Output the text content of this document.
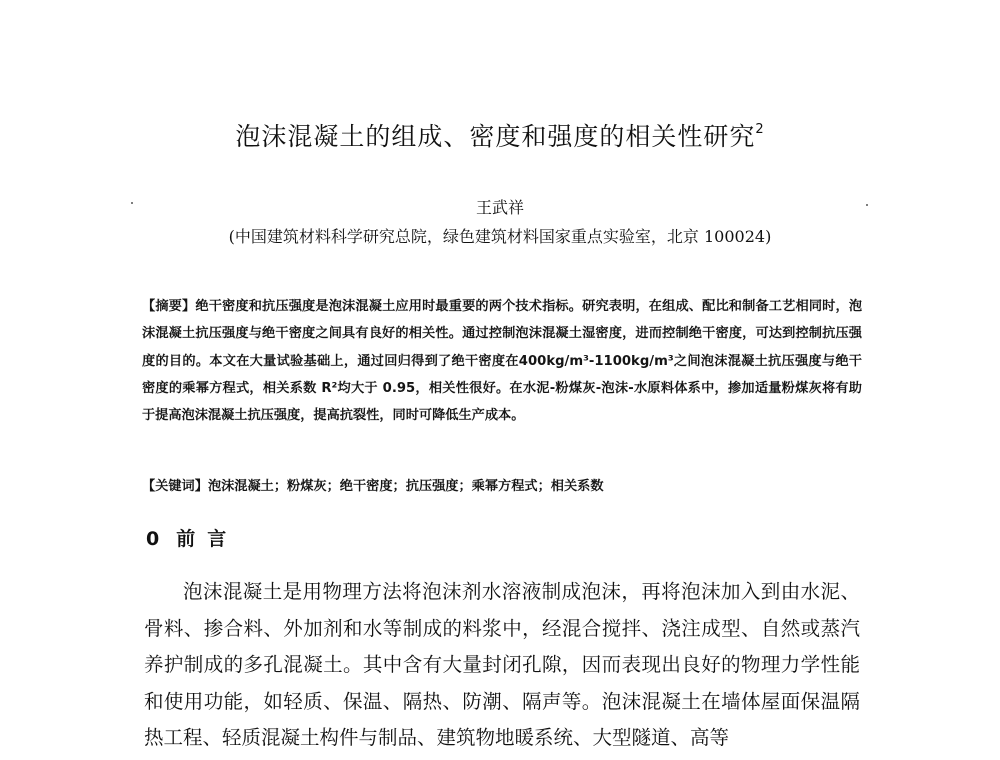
泡沫混凝土的组成、密度和强度的相关性研究$^2$
王武祥
(中国建筑材料科学研究总院，绿色建筑材料国家重点实验室，北京 100024)
【摘要】绝干密度和抗压强度是泡沫混凝土应用时最重要的两个技术指标。研究表明，在组成、配比和制备工艺相同时，泡沫混凝土抗压强度与绝干密度之间具有良好的相关性。通过控制泡沫混凝土湿密度，进而控制绝干密度，可达到控制抗压强度的目的。本文在大量试验基础上，通过回归得到了绝干密度在400kg/m³-1100kg/m³之间泡沫混凝土抗压强度与绝干密度的乘幂方程式，相关系数 R²均大于 0.95，相关性很好。在水泥-粉煤灰-泡沫-水原料体系中，掺加适量粉煤灰将有助于提高泡沫混凝土抗压强度，提高抗裂性，同时可降低生产成本。
【关键词】泡沫混凝土；粉煤灰；绝干密度；抗压强度；乘幂方程式；相关系数
0 前言
泡沫混凝土是用物理方法将泡沫剂水溶液制成泡沫，再将泡沫加入到由水泥、骨料、掺合料、外加剂和水等制成的料浆中，经混合搅拌、浇注成型、自然或蒸汽养护制成的多孔混凝土。其中含有大量封闭孔隙，因而表现出良好的物理力学性能和使用功能，如轻质、保温、隔热、防潮、隔声等。泡沫混凝土在墙体屋面保温隔热工程、轻质混凝土构件与制品、建筑物地暖系统、大型隧道、高等
